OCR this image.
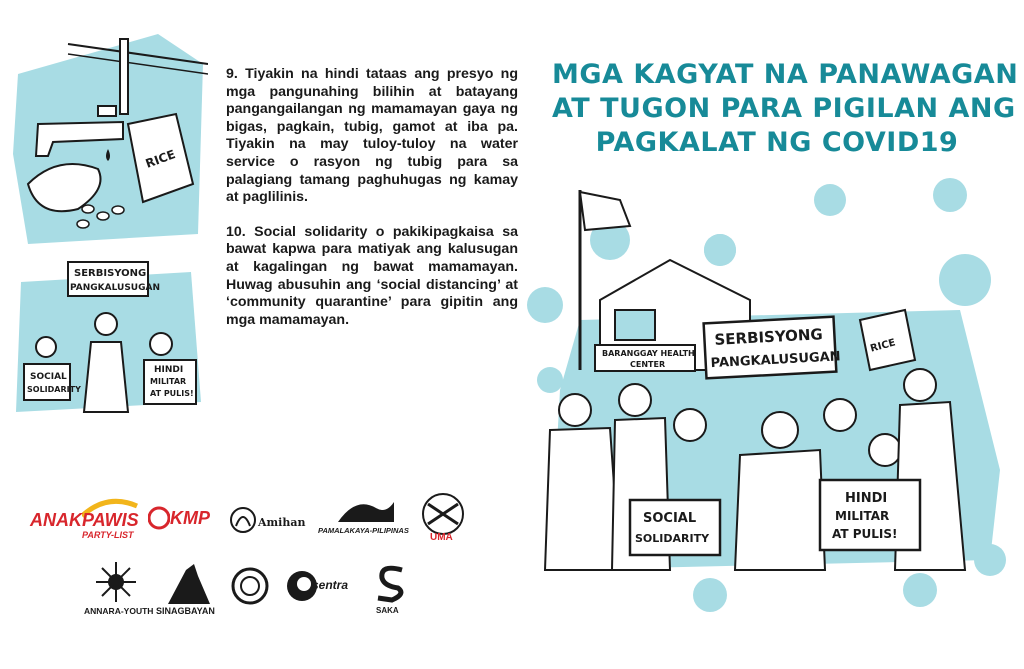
RICE
SERBISYONG
PANGKALUSUGAN
SOCIAL
SOLIDARITY
HINDI
MILITAR
AT PULIS!

9. Tiyakin na hindi tataas ang presyo ng mga pangunahing bilihin at batayang pangangailangan ng mamamayan gaya ng bigas, pagkain, tubig, gamot at iba pa. Tiyakin na may tuloy-tuloy na water service o rasyon ng tubig para sa palagiang tamang paghuhugas ng kamay at paglilinis.

10. Social solidarity o pakikipagkaisa sa bawat kapwa para matiyak ang kalusugan at kagalingan ng bawat mamamayan. Huwag abusuhin ang ‘social distancing’ at ‘community quarantine’ para gipitin ang mga mamamayan.

MGA KAGYAT NA PANAWAGAN
AT TUGON PARA PIGILAN ANG
PAGKALAT NG COVID19
BARANGGAY HEALTH
CENTER
SERBISYONG
PANGKALUSUGAN
RICE
SOCIAL
SOLIDARITY
HINDI
MILITAR
AT PULIS!
ANAKPAWIS
PARTY-LIST
KMP	Amihan
PAMALAKAYA-PILIPINAS
UMA
ANNARA-YOUTH SINAGBAYAN
sentra
SAKA
